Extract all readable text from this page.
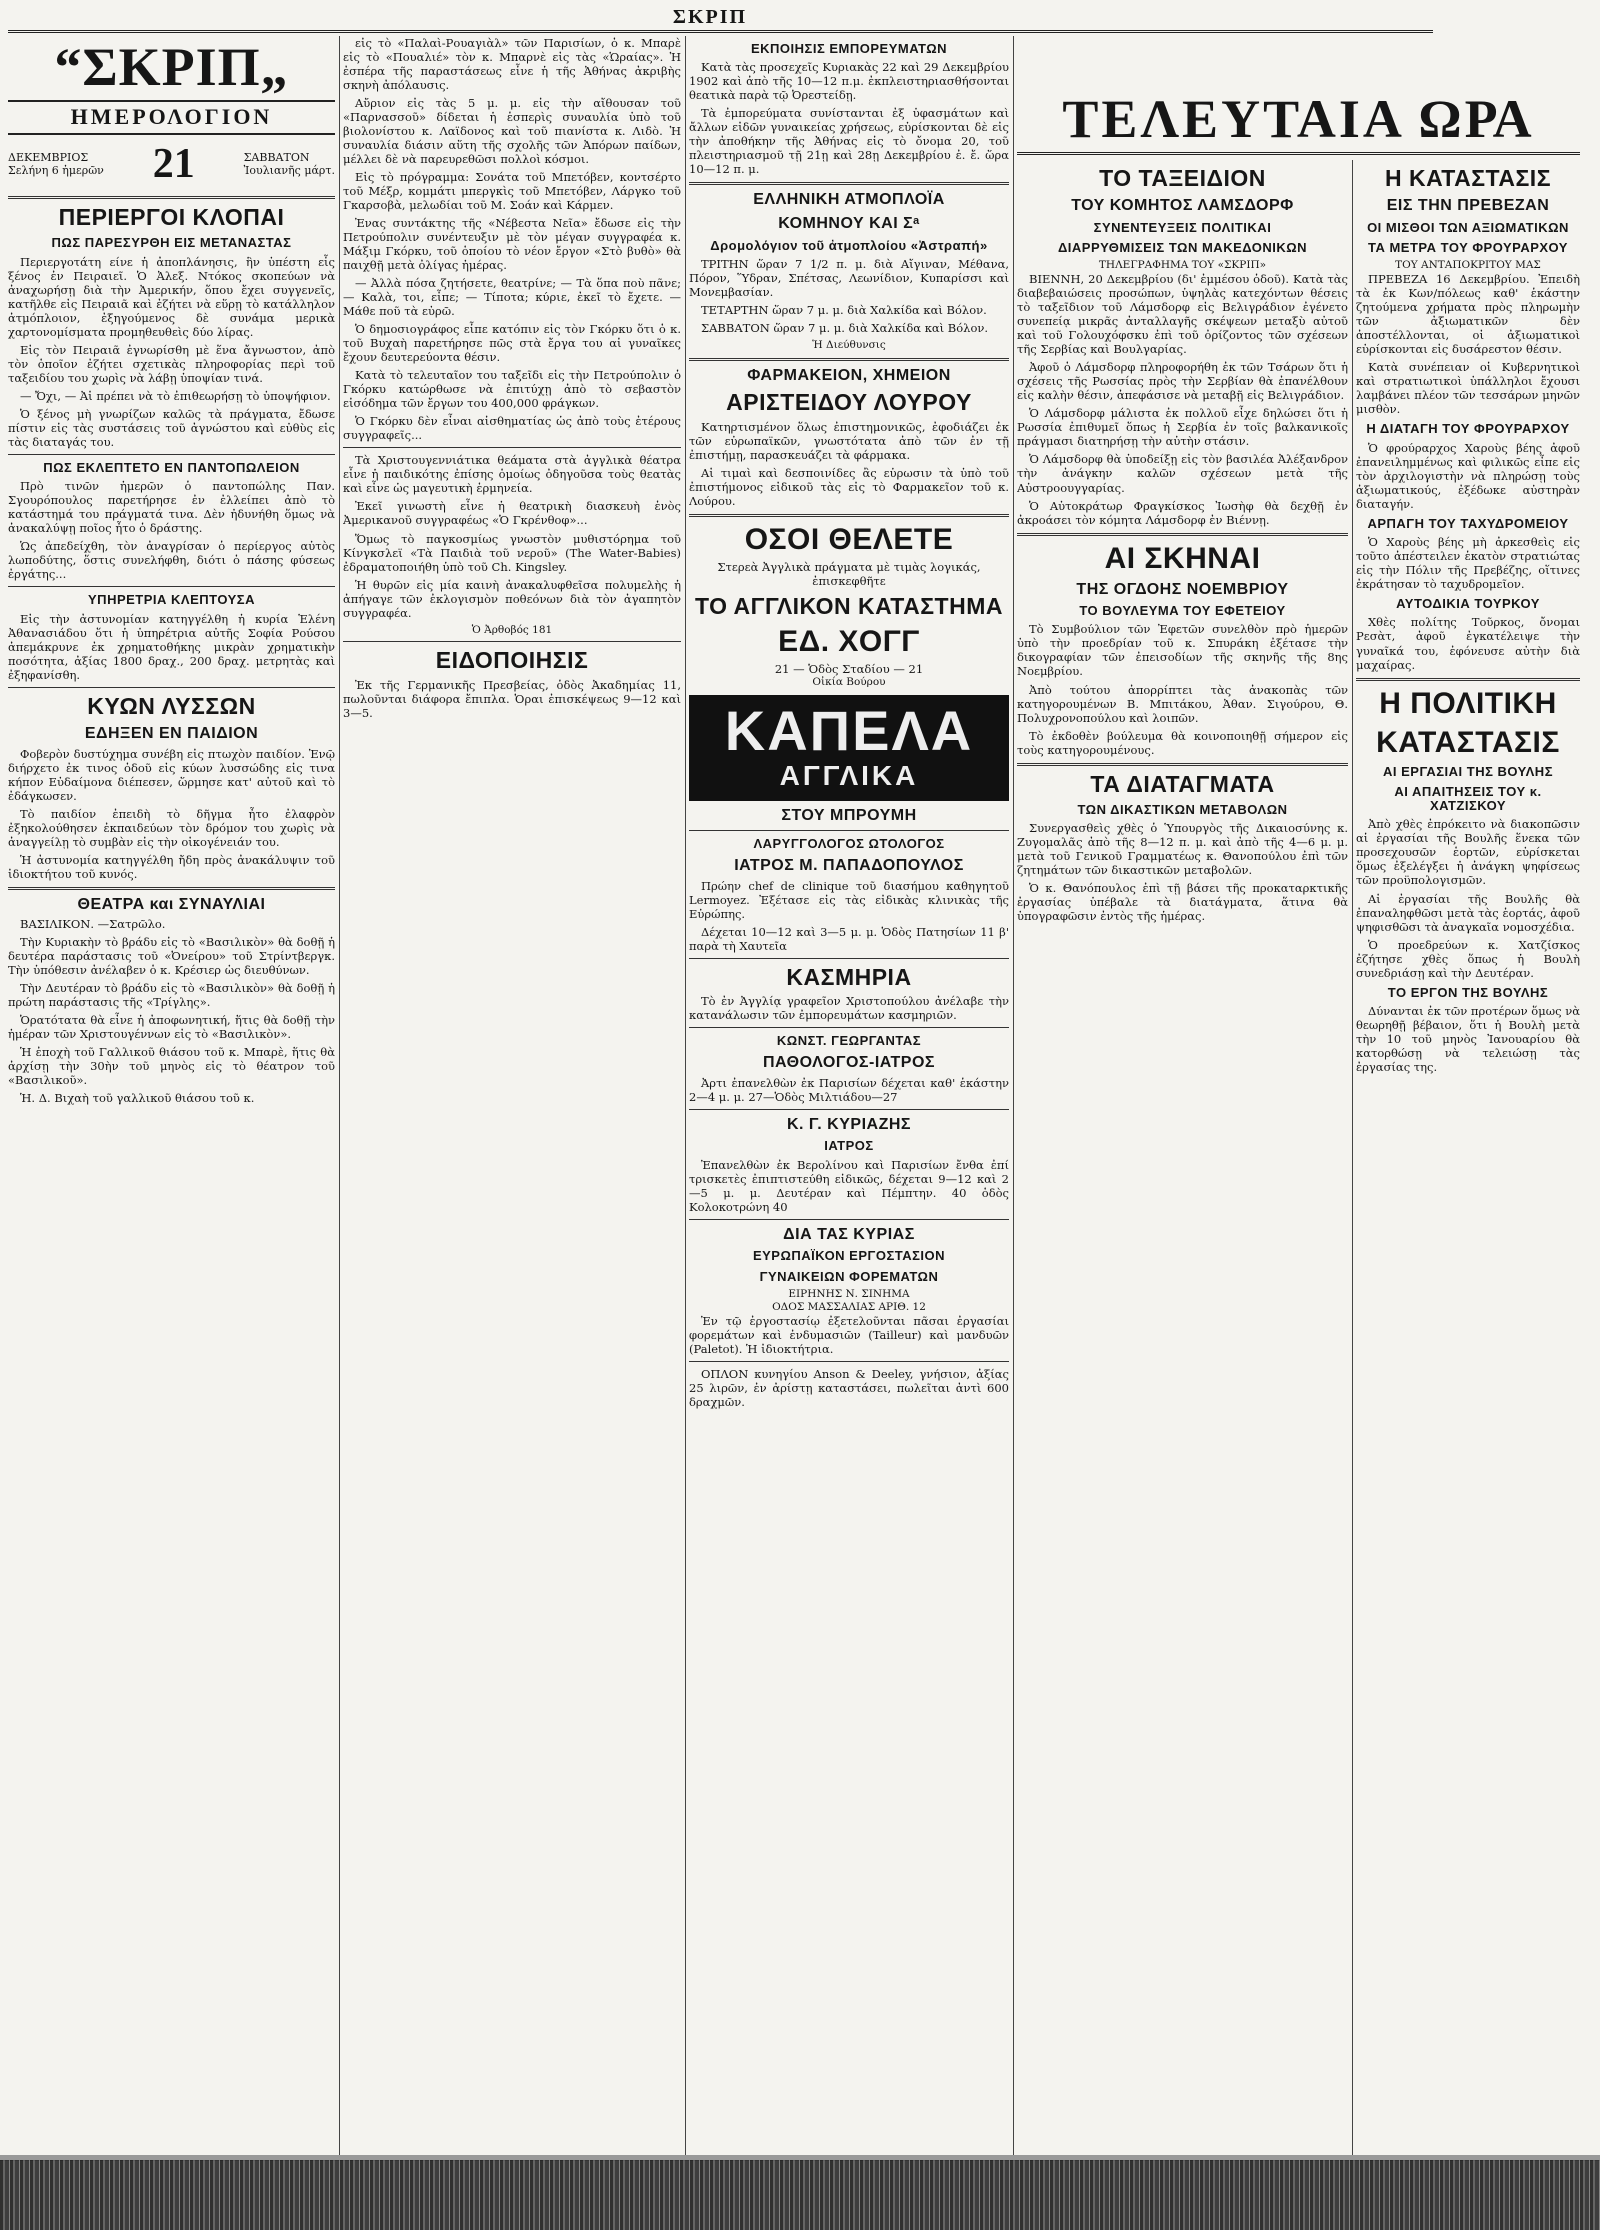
ΣΚΡΙΠ
“ΣΚΡΙΠ„
ΗΜΕΡΟΛΟΓΙΟΝ
ΔΕΚΕΜΒΡΙΟΣ
Σελήνη 6 ἡμερῶν 21	ΣΑΒΒΑΤΟΝ
Ἰουλιανῆς μάρτ.
ΠΕΡΙΕΡΓΟΙ ΚΛΟΠΑΙ
ΠΩΣ ΠΑΡΕΣΥΡΘΗ ΕΙΣ ΜΕΤΑΝΑΣΤΑΣ

Περιεργοτάτη είνε ἡ ἀποπλάνησις, ἣν ὑπέστη εἷς ξένος ἐν Πειραιεῖ. Ὁ Ἀλεξ. Ντόκος σκοπεύων νὰ ἀναχωρήσῃ διὰ τὴν Ἀμερικήν, ὅπου ἔχει συγγενεῖς, κατῆλθε εἰς Πειραιᾶ καὶ ἐζήτει νὰ εὕρῃ τὸ κατάλληλον ἀτμόπλοιον, ἐξηγούμενος δὲ συνάμα μερικὰ χαρτονομίσματα προμηθευθεὶς δύο λίρας.

Εἰς τὸν Πειραιᾶ ἐγνωρίσθη μὲ ἕνα ἄγνωστον, ἀπὸ τὸν ὁποῖον ἐζήτει σχετικὰς πληροφορίας περὶ τοῦ ταξειδίου του χωρὶς νὰ λάβῃ ὑποψίαν τινά.

— Ὄχι, — Ἀἱ πρέπει νὰ τὸ ἐπιθεωρήσῃ τὸ ὑποψήφιον.

Ὁ ξένος μὴ γνωρίζων καλῶς τὰ πράγματα, ἔδωσε πίστιν εἰς τὰς συστάσεις τοῦ ἀγνώστου καὶ εὐθὺς εἰς τὰς διαταγάς του.

ΠΩΣ ΕΚΛΕΠΤΕΤΟ ΕΝ ΠΑΝΤΟΠΩΛΕΙΟΝ

Πρὸ τινῶν ἡμερῶν ὁ παντοπώλης Παν. Σγουρόπουλος παρετήρησε ἐν ἐλλείπει ἀπὸ τὸ κατάστημά του πράγματά τινα. Δὲν ἠδυνήθη ὅμως νὰ ἀνακαλύψῃ ποῖος ἦτο ὁ δράστης.

Ὡς ἀπεδείχθη, τὸν ἀναγρίσαν ὁ περίεργος αὐτὸς λωποδύτης, ὅστις συνελήφθη, διότι ὁ πάσης φύσεως ἐργάτης...

ΥΠΗΡΕΤΡΙΑ ΚΛΕΠΤΟΥΣΑ

Εἰς τὴν ἀστυνομίαν κατηγγέλθη ἡ κυρία Ἑλένη Ἀθανασιάδου ὅτι ἡ ὑπηρέτρια αὐτῆς Σοφία Ρούσου ἀπεμάκρυνε ἐκ χρηματοθήκης μικρὰν χρηματικὴν ποσότητα, ἀξίας 1800 δραχ., 200 δραχ. μετρητὰς καὶ ἐξηφανίσθη.

ΚΥΩΝ ΛΥΣΣΩΝ
ΕΔΗΞΕΝ ΕΝ ΠΑΙΔΙΟΝ

Φοβερὸν δυστύχημα συνέβη εἰς πτωχὸν παιδίον. Ἐνῷ διήρχετο ἐκ τινος ὁδοῦ εἰς κύων λυσσώδης εἰς τινα κήπον Εὐδαίμονα διέπεσεν, ὥρμησε κατ' αὐτοῦ καὶ τὸ ἐδάγκωσεν.

Τὸ παιδίον ἐπειδὴ τὸ δῆγμα ἦτο ἐλαφρὸν ἐξηκολούθησεν ἐκπαιδεύων τὸν δρόμον του χωρὶς νὰ ἀναγγείλῃ τὸ συμβὰν εἰς τὴν οἰκογένειάν του.

Ἡ ἀστυνομία κατηγγέλθη ἤδη πρὸς ἀνακάλυψιν τοῦ ἰδιοκτήτου τοῦ κυνός.

ΘΕΑΤΡΑ και ΣΥΝΑΥΛΙΑΙ

ΒΑΣΙΛΙΚΟΝ. —Σατρῶλο.

Τὴν Κυριακὴν τὸ βράδυ εἰς τὸ «Βασιλικὸν» θὰ δοθῇ ἡ δευτέρα παράστασις τοῦ «Ὀνείρου» τοῦ Στρίντβεργκ. Τὴν ὑπόθεσιν ἀνέλαβεν ὁ κ. Κρέσιερ ὡς διευθύνων.

Τὴν Δευτέραν τὸ βράδυ εἰς τὸ «Βασιλικὸν» θὰ δοθῇ ἡ πρώτη παράστασις τῆς «Τρίγλης».

Ὁρατότατα θὰ εἶνε ἡ ἀποφωνητική, ἥτις θὰ δοθῇ τὴν ἡμέραν τῶν Χριστουγέννων εἰς τὸ «Βασιλικὸν».

Ἡ ἐποχὴ τοῦ Γαλλικοῦ θιάσου τοῦ κ. Μπαρὲ, ἥτις θὰ ἀρχίσῃ τὴν 30ὴν τοῦ μηνὸς εἰς τὸ θέατρον τοῦ «Βασιλικοῦ».

Ἡ. Δ. Βιχαὴ τοῦ γαλλικοῦ θιάσου τοῦ κ.

εἰς τὸ «Παλαὶ-Ρουαγιὰλ» τῶν Παρισίων, ὁ κ. Μπαρὲ εἰς τὸ «Πουαλιέ» τὸν κ. Μπαρνὲ εἰς τὰς «Ὡραίας». Ἡ ἐσπέρα τῆς παραστάσεως εἶνε ἡ τῆς Ἀθήνας ἀκριβὴς σκηνὴ ἀπόλαυσις.

Αὔριον εἰς τὰς 5 μ. μ. εἰς τὴν αἴθουσαν τοῦ «Παρνασσοῦ» δίδεται ἡ ἑσπερὶς συναυλία ὑπὸ τοῦ βιολονίστου κ. Λαϊδονος καὶ τοῦ πιανίστα κ. Λιδὸ. Ἡ συναυλία διάσιν αὕτη τῆς σχολῆς τῶν Ἀπόρων παίδων, μέλλει δὲ νὰ παρευρεθῶσι πολλοὶ κόσμοι.

Εἰς τὸ πρόγραμμα: Σονάτα τοῦ Μπετόβεν, κοντσέρτο τοῦ Μέξρ, κομμάτι μπεργκὶς τοῦ Μπετόβεν, Λάργκο τοῦ Γκαρσοβὰ, μελωδίαι τοῦ Μ. Σοάν καὶ Κάρμεν.

Ἐνας συντάκτης τῆς «Νέβεστα Νεῖα» ἔδωσε εἰς τὴν Πετρούπολιν συνέντευξιν μὲ τὸν μέγαν συγγραφέα κ. Μάξιμ Γκόρκυ, τοῦ ὁποίου τὸ νέον ἔργον «Στὸ βυθὸ» θὰ παιχθῇ μετὰ ὀλίγας ἡμέρας.

— Ἀλλὰ πόσα ζητήσετε, θεατρίνε; — Τὰ ὅπα ποὺ πᾶνε; — Καλὰ, τοι, εἶπε; — Τίποτα; κύριε, ἐκεῖ τὸ ἔχετε. — Μάθε ποῦ τὰ εὐρῶ.

Ὁ δημοσιογράφος εἶπε κατόπιν εἰς τὸν Γκόρκυ ὅτι ὁ κ. τοῦ Βυχαὴ παρετήρησε πῶς στὰ ἔργα του αἱ γυναῖκες ἔχουν δευτερεύοντα θέσιν.

Κατὰ τὸ τελευταῖον του ταξεῖδι εἰς τὴν Πετρούπολιν ὁ Γκόρκυ κατώρθωσε νὰ ἐπιτύχῃ ἀπὸ τὸ σεβαστὸν εἰσόδημα τῶν ἔργων του 400,000 φράγκων.

Ὁ Γκόρκυ δὲν εἶναι αἰσθηματίας ὡς ἀπὸ τοὺς ἐτέρους συγγραφεῖς...

Τὰ Χριστουγεννιάτικα θεάματα στὰ ἀγγλικὰ θέατρα εἶνε ἡ παιδικότης ἐπίσης ὁμοίως ὀδηγοῦσα τοὺς θεατὰς καὶ εἶνε ὡς μαγευτικὴ ἑρμηνεία.

Ἐκεῖ γινωστὴ εἶνε ἡ θεατρικὴ διασκευὴ ἑνὸς Ἀμερικανοῦ συγγραφέως «Ὁ Γκρένθοφ»...

Ὅμως τὸ παγκοσμίως γνωστὸν μυθιστόρημα τοῦ Κίνγκσλεϊ «Τὰ Παιδιὰ τοῦ νεροῦ» (The Water-Babies) ἐδραματοποιήθη ὑπὸ τοῦ Ch. Kingsley.

Ἡ θυρῶν εἰς μία καινὴ ἀνακαλυφθεῖσα πολυμελὴς ἡ ἀπήγαγε τῶν ἐκλογισμὸν ποθεόνων διὰ τὸν ἀγαπητὸν συγγραφέα.

Ὁ Ἀρθοβός 181
ΕΙΔΟΠΟΙΗΣΙΣ

Ἐκ τῆς Γερμανικῆς Πρεσβείας, ὁδὸς Ἀκαδημίας 11, πωλοῦνται διάφορα ἔπιπλα. Ὁραι ἐπισκέψεως 9—12 καὶ 3—5.

ΕΚΠΟΙΗΣΙΣ ΕΜΠΟΡΕΥΜΑΤΩΝ

Κατὰ τὰς προσεχεῖς Κυριακὰς 22 καὶ 29 Δεκεμβρίου 1902 καὶ ἀπὸ τῆς 10—12 π.μ. ἐκπλειστηριασθήσονται θεατικὰ παρὰ τῷ Ὀρεστείδῃ.

Τὰ ἐμπορεύματα συνίστανται ἐξ ὑφασμάτων καὶ ἄλλων εἰδῶν γυναικείας χρήσεως, εὑρίσκονται δὲ εἰς τὴν ἀποθήκην τῆς Ἀθήνας εἰς τὸ ὄνομα 20, τοῦ πλειστηριασμοῦ τῇ 21ῃ καὶ 28ῃ Δεκεμβρίου ἐ. ἔ. ὥρα 10—12 π. μ.

ΕΛΛΗΝΙΚΗ ΑΤΜΟΠΛΟΪΑ
ΚΟΜΗΝΟΥ ΚΑΙ Σᵃ
Δρομολόγιον τοῦ ἀτμοπλοίου «Ἀστραπή»

ΤΡΙΤΗΝ ὥραν 7 1/2 π. μ. διὰ Αἴγιναν, Μέθανα, Πόρον, Ὕδραν, Σπέτσας, Λεωνίδιον, Κυπαρίσσι καὶ Μονεμβασίαν.

ΤΕΤΑΡΤΗΝ ὥραν 7 μ. μ. διὰ Χαλκίδα καὶ Βόλον.

ΣΑΒΒΑΤΟΝ ὥραν 7 μ. μ. διὰ Χαλκίδα καὶ Βόλον.

Ἡ Διεύθυνσις
ΦΑΡΜΑΚΕΙΟΝ, ΧΗΜΕΙΟΝ
ΑΡΙΣΤΕΙΔΟΥ ΛΟΥΡΟΥ

Κατηρτισμένον ὅλως ἐπιστημονικῶς, ἐφοδιάζει ἐκ τῶν εὐρωπαϊκῶν, γνωστότατα ἀπὸ τῶν ἐν τῇ ἐπιστήμῃ, παρασκευάζει τὰ φάρμακα.

Αἱ τιμαὶ καὶ δεσποινίδες ἂς εὑρωσιν τὰ ὑπὸ τοῦ ἐπιστήμονος εἰδικοῦ τὰς εἰς τὸ Φαρμακεῖον τοῦ κ. Λούρου.

ΟΣΟΙ ΘΕΛΕΤΕ
Στερεὰ Ἀγγλικὰ πράγματα μὲ τιμὰς λογικάς, ἐπισκεφθῆτε
ΤΟ ΑΓΓΛΙΚΟΝ ΚΑΤΑΣΤΗΜΑ
ΕΔ. ΧΟΓΓ
21 — Ὁδὸς Σταδίου — 21
Οἰκία Βούρου
ΚΑΠΕΛΑ
ΑΓΓΛΙΚΑ
ΣΤΟΥ ΜΠΡΟΥΜΗ
ΛΑΡΥΓΓΟΛΟΓΟΣ ΩΤΟΛΟΓΟΣ
ΙΑΤΡΟΣ Μ. ΠΑΠΑΔΟΠΟΥΛΟΣ

Πρώην chef de clinique τοῦ διασήμου καθηγητοῦ Lermoyez. Ἐξέτασε εἰς τὰς εἰδικὰς κλινικὰς τῆς Εὐρώπης.

Δέχεται 10—12 καὶ 3—5 μ. μ. Ὁδὸς Πατησίων 11 β' παρὰ τὴ Χαυτεῖα

ΚΑΣΜΗΡΙΑ

Τὸ ἐν Ἀγγλίᾳ γραφεῖον Χριστοπούλου ἀνέλαβε τὴν κατανάλωσιν τῶν ἐμπορευμάτων κασμηριῶν.

ΚΩΝΣΤ. ΓΕΩΡΓΑΝΤΑΣ
ΠΑΘΟΛΟΓΟΣ-ΙΑΤΡΟΣ

Ἀρτι ἐπανελθὼν ἐκ Παρισίων δέχεται καθ' ἑκάστην 2—4 μ. μ. 27—Ὁδὸς Μιλτιάδου—27

Κ. Γ. ΚΥΡΙΑΖΗΣ
ΙΑΤΡΟΣ

Ἐπανελθὼν ἐκ Βερολίνου καὶ Παρισίων ἔνθα ἐπί τρισκετὲς ἐπιπτιστεύθη εἰδικῶς, δέχεται 9—12 καὶ 2—5 μ. μ. Δευτέραν καὶ Πέμπτην. 40 ὁδὸς Κολοκοτρώνη 40

ΔΙΑ ΤΑΣ ΚΥΡΙΑΣ
ΕΥΡΩΠΑΪΚΟΝ ΕΡΓΟΣΤΑΣΙΟΝ
ΓΥΝΑΙΚΕΙΩΝ ΦΟΡΕΜΑΤΩΝ
ΕΙΡΗΝΗΣ Ν. ΣΙΝΗΜΑ
ΟΔΟΣ ΜΑΣΣΑΛΙΑΣ ΑΡΙΘ. 12

Ἐν τῷ ἐργοστασίῳ ἐξετελοῦνται πᾶσαι ἐργασίαι φορεμάτων καὶ ἐνδυμασιῶν (Tailleur) καὶ μανδυῶν (Paletot). Ἡ ἰδιοκτήτρια.

ΟΠΛΟΝ κυνηγίου Anson & Deeley, γνήσιον, ἀξίας 25 λιρῶν, ἐν ἀρίστῃ καταστάσει, πωλεῖται ἀντὶ 600 δραχμῶν.

ΤΕΛΕΥΤΑΙΑ ΩΡΑ
ΤΟ ΤΑΞΕΙΔΙΟΝ
ΤΟΥ ΚΟΜΗΤΟΣ ΛΑΜΣΔΟΡΦ
ΣΥΝΕΝΤΕΥΞΕΙΣ ΠΟΛΙΤΙΚΑΙ
ΔΙΑΡΡΥΘΜΙΣΕΙΣ ΤΩΝ ΜΑΚΕΔΟΝΙΚΩΝ
ΤΗΛΕΓΡΑΦΗΜΑ ΤΟΥ «ΣΚΡΙΠ»

ΒΙΕΝΝΗ, 20 Δεκεμβρίου (δι' ἐμμέσου ὁδοῦ). Κατὰ τὰς διαβεβαιώσεις προσώπων, ὑψηλὰς κατεχόντων θέσεις τὸ ταξεῖδιον τοῦ Λάμσδορφ εἰς Βελιγράδιον ἐγένετο συνεπείᾳ μικρᾶς ἀνταλλαγῆς σκέψεων μεταξὺ αὐτοῦ καὶ τοῦ Γολουχόφσκυ ἐπὶ τοῦ ὀρίζοντος τῶν σχέσεων τῆς Σερβίας καὶ Βουλγαρίας.

Ἀφοῦ ὁ Λάμσδορφ πληροφορήθη ἐκ τῶν Τσάρων ὅτι ἡ σχέσεις τῆς Ρωσσίας πρὸς τὴν Σερβίαν θὰ ἐπανέλθουν εἰς καλὴν θέσιν, ἀπεφάσισε νὰ μεταβῇ εἰς Βελιγράδιον.

Ὁ Λάμσδορφ μάλιστα ἐκ πολλοῦ εἶχε δηλώσει ὅτι ἡ Ρωσσία ἐπιθυμεῖ ὅπως ἡ Σερβία ἐν τοῖς βαλκανικοῖς πράγμασι διατηρήσῃ τὴν αὐτὴν στάσιν.

Ὁ Λάμσδορφ θὰ ὑποδείξῃ εἰς τὸν βασιλέα Ἀλέξανδρον τὴν ἀνάγκην καλῶν σχέσεων μετὰ τῆς Αὐστροουγγαρίας.

Ὁ Αὐτοκράτωρ Φραγκίσκος Ἰωσὴφ θὰ δεχθῇ ἐν ἀκροάσει τὸν κόμητα Λάμσδορφ ἐν Βιέννῃ.

ΑΙ ΣΚΗΝΑΙ
ΤΗΣ ΟΓΔΟΗΣ ΝΟΕΜΒΡΙΟΥ
ΤΟ ΒΟΥΛΕΥΜΑ ΤΟΥ ΕΦΕΤΕΙΟΥ

Τὸ Συμβούλιον τῶν Ἐφετῶν συνελθὸν πρὸ ἡμερῶν ὑπὸ τὴν προεδρίαν τοῦ κ. Σπυράκη ἐξέτασε τὴν δικογραφίαν τῶν ἐπεισοδίων τῆς σκηνῆς τῆς 8ης Νοεμβρίου.

Ἀπὸ τούτου ἀπορρίπτει τὰς ἀνακοπὰς τῶν κατηγορουμένων Β. Μπιτάκου, Ἀθαν. Σιγούρου, Θ. Πολυχρονοπούλου καὶ λοιπῶν.

Τὸ ἐκδοθὲν βούλευμα θὰ κοινοποιηθῇ σήμερον εἰς τοὺς κατηγορουμένους.

ΤΑ ΔΙΑΤΑΓΜΑΤΑ
ΤΩΝ ΔΙΚΑΣΤΙΚΩΝ ΜΕΤΑΒΟΛΩΝ

Συνεργασθεὶς χθὲς ὁ Ὑπουργὸς τῆς Δικαιοσύνης κ. Ζυγομαλᾶς ἀπὸ τῆς 8—12 π. μ. καὶ ἀπὸ τῆς 4—6 μ. μ. μετὰ τοῦ Γενικοῦ Γραμματέως κ. Θανοπούλου ἐπὶ τῶν ζητημάτων τῶν δικαστικῶν μεταβολῶν.

Ὁ κ. Θανόπουλος ἐπὶ τῇ βάσει τῆς προκαταρκτικῆς ἐργασίας ὑπέβαλε τὰ διατάγματα, ἅτινα θὰ ὑπογραφῶσιν ἐντὸς τῆς ἡμέρας.

Η ΚΑΤΑΣΤΑΣΙΣ
ΕΙΣ ΤΗΝ ΠΡΕΒΕΖΑΝ
ΟΙ ΜΙΣΘΟΙ ΤΩΝ ΑΞΙΩΜΑΤΙΚΩΝ
ΤΑ ΜΕΤΡΑ ΤΟΥ ΦΡΟΥΡΑΡΧΟΥ
ΤΟΥ ΑΝΤΑΠΟΚΡΙΤΟΥ ΜΑΣ

ΠΡΕΒΕΖΑ 16 Δεκεμβρίου. Ἐπειδὴ τὰ ἐκ Κων/πόλεως καθ' ἑκάστην ζητούμενα χρήματα πρὸς πληρωμὴν τῶν ἀξιωματικῶν δὲν ἀποστέλλονται, οἱ ἀξιωματικοὶ εὑρίσκονται εἰς δυσάρεστον θέσιν.

Κατὰ συνέπειαν οἱ Κυβερνητικοὶ καὶ στρατιωτικοὶ ὑπάλληλοι ἔχουσι λαμβάνει πλέον τῶν τεσσάρων μηνῶν μισθὸν.

Η ΔΙΑΤΑΓΗ ΤΟΥ ΦΡΟΥΡΑΡΧΟΥ

Ὁ φρούραρχος Χαροὺς βέης ἀφοῦ ἐπανειλημμένως καὶ φιλικῶς εἶπε εἰς τὸν ἀρχιλογιστὴν νὰ πληρώσῃ τοὺς ἀξιωματικούς, ἐξέδωκε αὐστηρὰν διαταγήν.

ΑΡΠΑΓΗ ΤΟΥ ΤΑΧΥΔΡΟΜΕΙΟΥ

Ὁ Χαροὺς βέης μὴ ἀρκεσθεὶς εἰς τοῦτο ἀπέστειλεν ἑκατὸν στρατιώτας εἰς τὴν Πόλιν τῆς Πρεβέζης, οἵτινες ἐκράτησαν τὸ ταχυδρομεῖον.

ΑΥΤΟΔΙΚΙΑ ΤΟΥΡΚΟΥ

Χθὲς πολίτης Τοῦρκος, ὄνομαι Ρεσὰτ, ἀφοῦ ἐγκατέλειψε τὴν γυναῖκά του, ἐφόνευσε αὐτὴν διὰ μαχαίρας.

Η ΠΟΛΙΤΙΚΗ
ΚΑΤΑΣΤΑΣΙΣ
ΑΙ ΕΡΓΑΣΙΑΙ ΤΗΣ ΒΟΥΛΗΣ
ΑΙ ΑΠΑΙΤΗΣΕΙΣ ΤΟΥ κ. ΧΑΤΖΙΣΚΟΥ

Ἀπὸ χθὲς ἐπρόκειτο νὰ διακοπῶσιν αἱ ἐργασίαι τῆς Βουλῆς ἕνεκα τῶν προσεχουσῶν ἑορτῶν, εὑρίσκεται ὅμως ἐξελέγξει ἡ ἀνάγκη ψηφίσεως τῶν προϋπολογισμῶν.

Αἱ ἐργασίαι τῆς Βουλῆς θὰ ἐπαναληφθῶσι μετὰ τὰς ἑορτάς, ἀφοῦ ψηφισθῶσι τὰ ἀναγκαῖα νομοσχέδια.

Ὁ προεδρεύων κ. Χατζίσκος ἐζήτησε χθὲς ὅπως ἡ Βουλὴ συνεδριάσῃ καὶ τὴν Δευτέραν.

ΤΟ ΕΡΓΟΝ ΤΗΣ ΒΟΥΛΗΣ

Δύνανται ἐκ τῶν προτέρων ὅμως νὰ θεωρηθῇ βέβαιον, ὅτι ἡ Βουλὴ μετὰ τὴν 10 τοῦ μηνὸς Ἰανουαρίου θὰ κατορθώσῃ νὰ τελειώσῃ τὰς ἐργασίας της.
